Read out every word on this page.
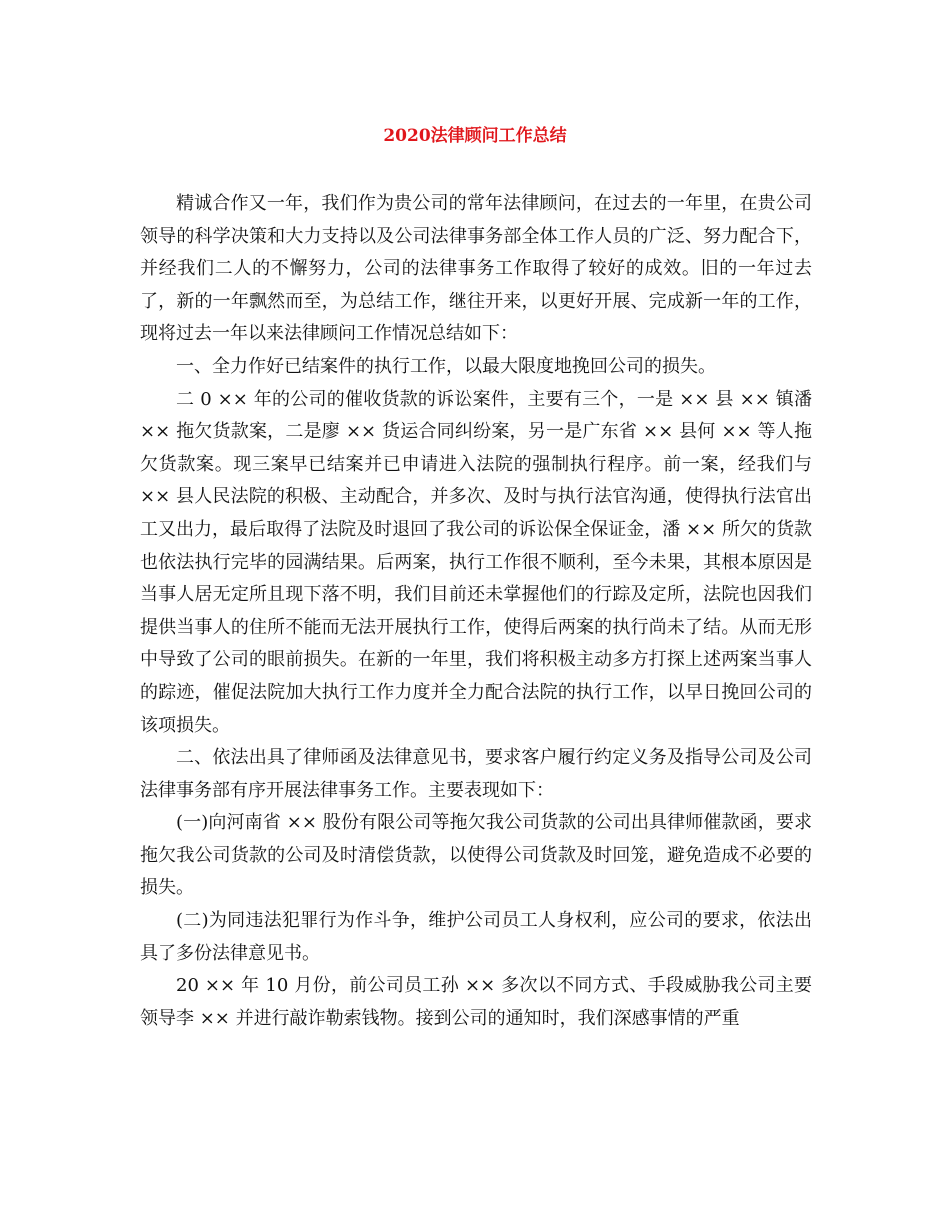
2020法律顾问工作总结

精诚合作又一年，我们作为贵公司的常年法律顾问，在过去的一年里，在贵公司领导的科学决策和大力支持以及公司法律事务部全体工作人员的广泛、努力配合下，并经我们二人的不懈努力，公司的法律事务工作取得了较好的成效。旧的一年过去了，新的一年飘然而至，为总结工作，继往开来，以更好开展、完成新一年的工作，现将过去一年以来法律顾问工作情况总结如下：

一、全力作好已结案件的执行工作，以最大限度地挽回公司的损失。

二 0 ×× 年的公司的催收货款的诉讼案件，主要有三个，一是 ×× 县 ×× 镇潘 ×× 拖欠货款案，二是廖 ×× 货运合同纠纷案，另一是广东省 ×× 县何 ×× 等人拖欠货款案。现三案早已结案并已申请进入法院的强制执行程序。前一案，经我们与 ×× 县人民法院的积极、主动配合，并多次、及时与执行法官沟通，使得执行法官出工又出力，最后取得了法院及时退回了我公司的诉讼保全保证金，潘 ×× 所欠的货款也依法执行完毕的园满结果。后两案，执行工作很不顺利，至今未果，其根本原因是当事人居无定所且现下落不明，我们目前还未掌握他们的行踪及定所，法院也因我们提供当事人的住所不能而无法开展执行工作，使得后两案的执行尚未了结。从而无形中导致了公司的眼前损失。在新的一年里，我们将积极主动多方打探上述两案当事人的踪迹，催促法院加大执行工作力度并全力配合法院的执行工作，以早日挽回公司的该项损失。

二、依法出具了律师函及法律意见书，要求客户履行约定义务及指导公司及公司法律事务部有序开展法律事务工作。主要表现如下：

(一)向河南省 ×× 股份有限公司等拖欠我公司货款的公司出具律师催款函，要求拖欠我公司货款的公司及时清偿货款，以使得公司货款及时回笼，避免造成不必要的损失。

(二)为同违法犯罪行为作斗争，维护公司员工人身权利，应公司的要求，依法出具了多份法律意见书。

20 ×× 年 10 月份，前公司员工孙 ×× 多次以不同方式、手段威胁我公司主要领导李 ×× 并进行敲诈勒索钱物。接到公司的通知时，我们深感事情的严重
